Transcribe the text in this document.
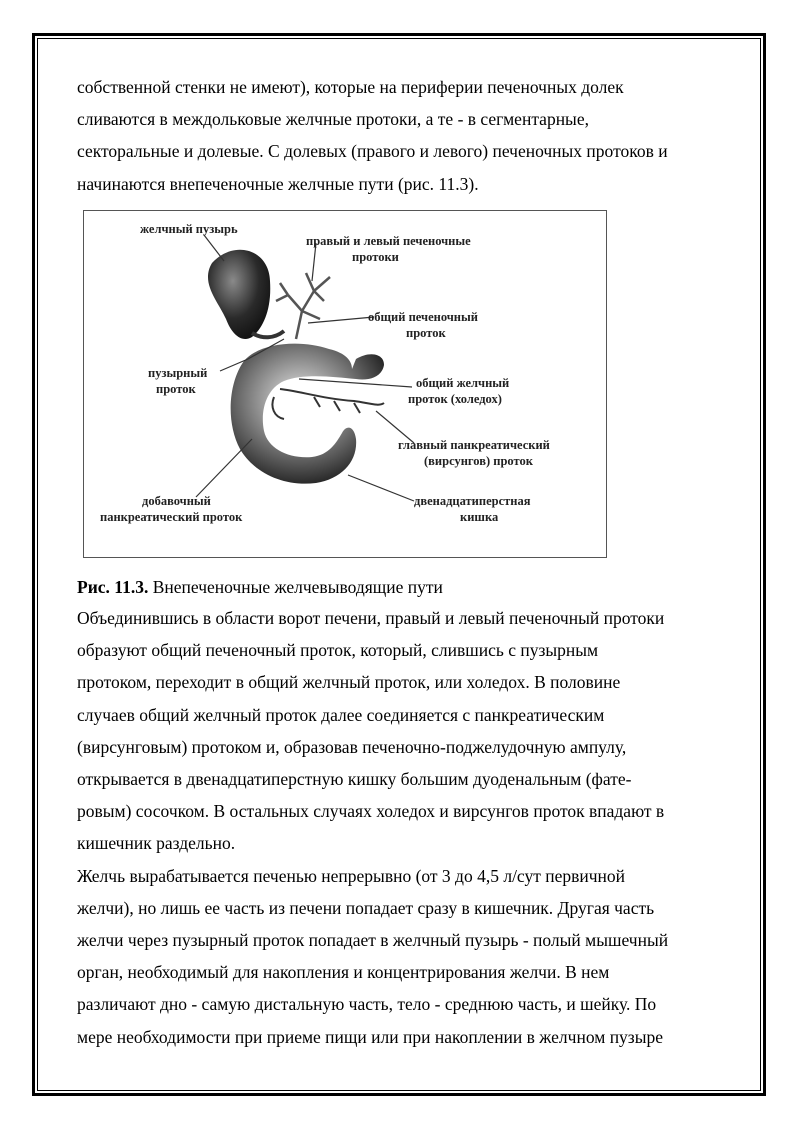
собственной стенки не имеют), которые на периферии печеночных долек

сливаются в междольковые желчные протоки, а те - в сегментарные,

секторальные и долевые. С долевых (правого и левого) печеночных протоков и

начинаются внепеченочные желчные пути (рис. 11.3).

желчный пузырь
правый и левый печеночные
протоки
общий печеночный
проток
пузырный
проток	общий желчный
проток (холедох)
главный панкреатический
(вирсунгов) проток
добавочный
панкреатический проток
двенадцатиперстная
кишка
Рис. 11.3. Внепеченочные желчевыводящие пути

Объединившись в области ворот печени, правый и левый печеночный протоки

образуют общий печеночный проток, который, слившись с пузырным

протоком, переходит в общий желчный проток, или холедох. В половине

случаев общий желчный проток далее соединяется с панкреатическим

(вирсунговым) протоком и, образовав печеночно-поджелудочную ампулу,

открывается в двенадцатиперстную кишку большим дуоденальным (фате-

ровым) сосочком. В остальных случаях холедох и вирсунгов проток впадают в

кишечник раздельно.

Желчь вырабатывается печенью непрерывно (от 3 до 4,5 л/сут первичной

желчи), но лишь ее часть из печени попадает сразу в кишечник. Другая часть

желчи через пузырный проток попадает в желчный пузырь - полый мышечный

орган, необходимый для накопления и концентрирования желчи. В нем

различают дно - самую дистальную часть, тело - среднюю часть, и шейку. По

мере необходимости при приеме пищи или при накоплении в желчном пузыре
